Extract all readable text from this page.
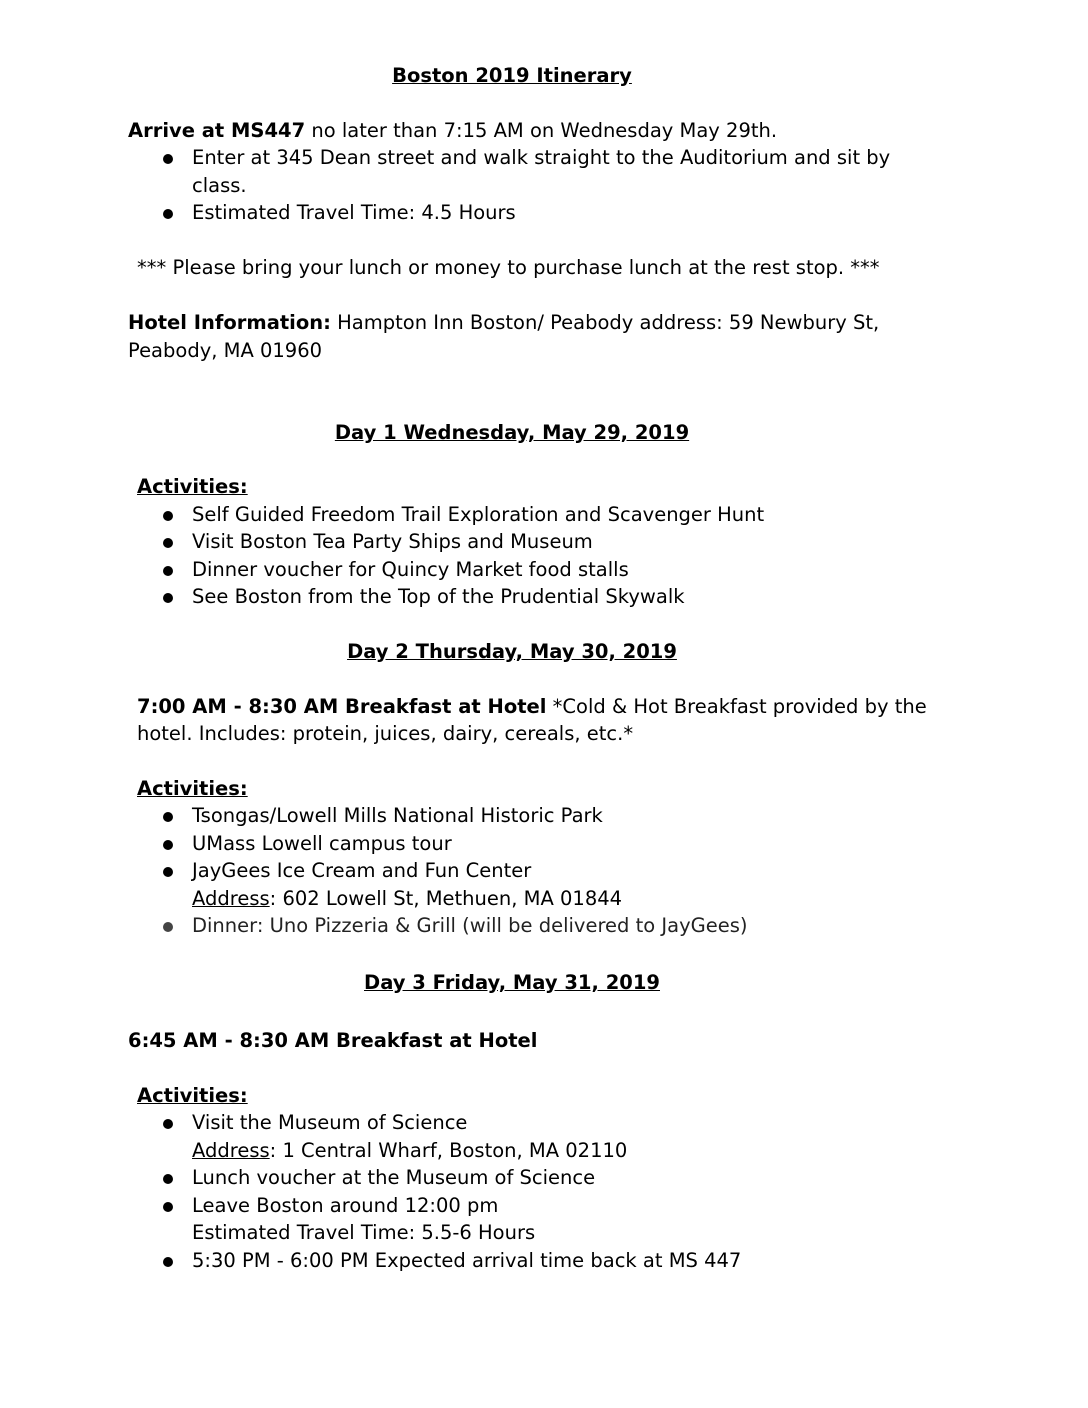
Boston 2019 Itinerary
Arrive at MS447 no later than 7:15 AM on Wednesday May 29th.
Enter at 345 Dean street and walk straight to the Auditorium and sit by
class.
Estimated Travel Time: 4.5 Hours
*** Please bring your lunch or money to purchase lunch at the rest stop. ***
Hotel Information: Hampton Inn Boston/ Peabody address: 59 Newbury St,
Peabody, MA 01960
Day 1 Wednesday, May 29, 2019
Activities:
Self Guided Freedom Trail Exploration and Scavenger Hunt
Visit Boston Tea Party Ships and Museum
Dinner voucher for Quincy Market food stalls
See Boston from the Top of the Prudential Skywalk
Day 2 Thursday, May 30, 2019
7:00 AM - 8:30 AM Breakfast at Hotel *Cold & Hot Breakfast provided by the
hotel. Includes: protein, juices, dairy, cereals, etc.*
Activities:
Tsongas/Lowell Mills National Historic Park
UMass Lowell campus tour
JayGees Ice Cream and Fun Center
Address: 602 Lowell St, Methuen, MA 01844
Dinner: Uno Pizzeria & Grill (will be delivered to JayGees)
Day 3 Friday, May 31, 2019
6:45 AM - 8:30 AM Breakfast at Hotel
Activities:
Visit the Museum of Science
Address: 1 Central Wharf, Boston, MA 02110
Lunch voucher at the Museum of Science
Leave Boston around 12:00 pm
Estimated Travel Time: 5.5-6 Hours
5:30 PM - 6:00 PM Expected arrival time back at MS 447
